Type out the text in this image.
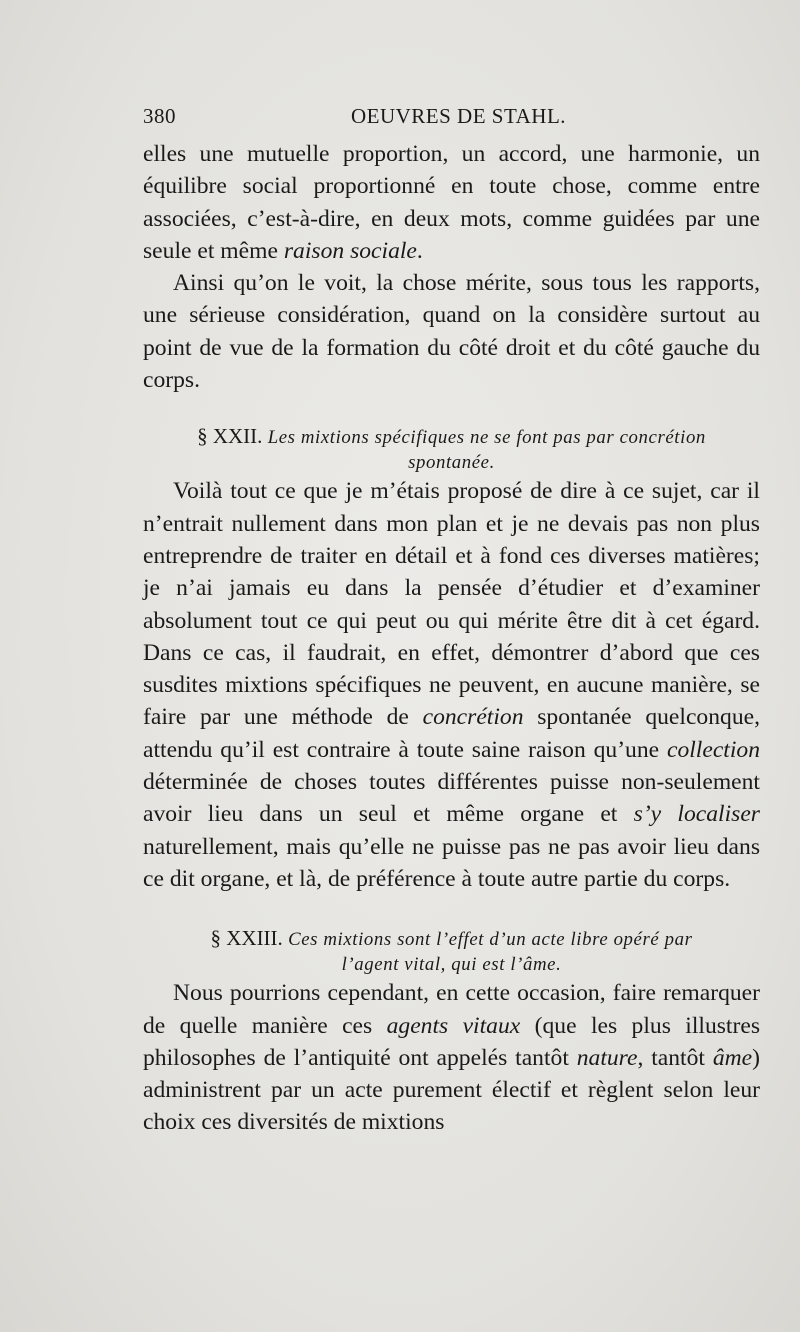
380	OEUVRES DE STAHL.

elles une mutuelle proportion, un accord, une harmonie, un équilibre social proportionné en toute chose, comme entre associées, c’est-à-dire, en deux mots, comme guidées par une seule et même raison sociale.

Ainsi qu’on le voit, la chose mérite, sous tous les rapports, une sérieuse considération, quand on la considère surtout au point de vue de la formation du côté droit et du côté gauche du corps.

§ XXII. Les mixtions spécifiques ne se font pas par concrétion
spontanée.

Voilà tout ce que je m’étais proposé de dire à ce sujet, car il n’entrait nullement dans mon plan et je ne devais pas non plus entreprendre de traiter en détail et à fond ces diverses matières; je n’ai jamais eu dans la pensée d’étudier et d’examiner absolument tout ce qui peut ou qui mérite être dit à cet égard. Dans ce cas, il faudrait, en effet, démontrer d’abord que ces susdites mixtions spécifiques ne peuvent, en aucune manière, se faire par une méthode de concrétion spontanée quelconque, attendu qu’il est contraire à toute saine raison qu’une collection déterminée de choses toutes différentes puisse non-seulement avoir lieu dans un seul et même organe et s’y localiser naturellement, mais qu’elle ne puisse pas ne pas avoir lieu dans ce dit organe, et là, de préférence à toute autre partie du corps.

§ XXIII. Ces mixtions sont l’effet d’un acte libre opéré par
l’agent vital, qui est l’âme.

Nous pourrions cependant, en cette occasion, faire remarquer de quelle manière ces agents vitaux (que les plus illustres philosophes de l’antiquité ont appelés tantôt nature, tantôt âme) administrent par un acte purement électif et règlent selon leur choix ces diversités de mixtions
